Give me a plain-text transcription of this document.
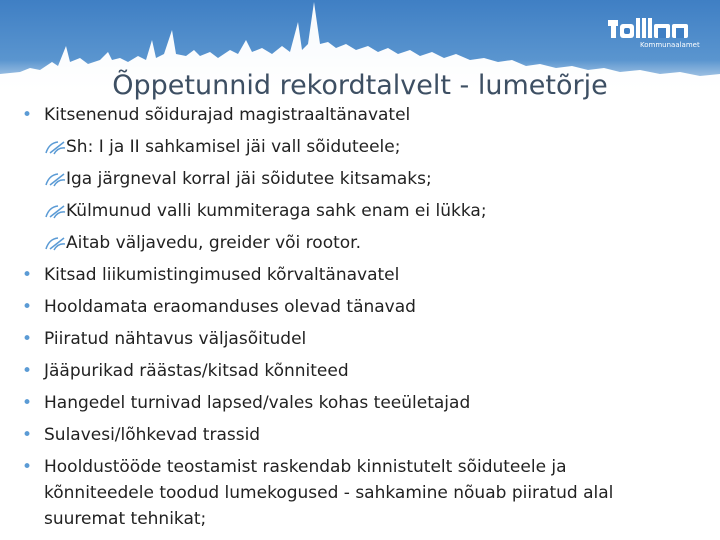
Kommunaalamet
Õppetunnid rekordtalvelt - lumetõrje
• Kitsenenud sõidurajad magistraaltänavatel
Sh: I ja II sahkamisel jäi vall sõiduteele;
Iga järgneval korral jäi sõidutee kitsamaks;
Külmunud valli kummiteraga sahk enam ei lükka;
Aitab väljavedu, greider või rootor.
• Kitsad liikumistingimused kõrvaltänavatel
• Hooldamata eraomanduses olevad tänavad
• Piiratud nähtavus väljasõitudel
• Jääpurikad räästas/kitsad kõnniteed
• Hangedel turnivad lapsed/vales kohas teeületajad
• Sulavesi/lõhkevad trassid
• Hooldustööde teostamist raskendab kinnistutelt sõiduteele ja
kõnniteedele toodud lumekogused - sahkamine nõuab piiratud alal
suuremat tehnikat;
